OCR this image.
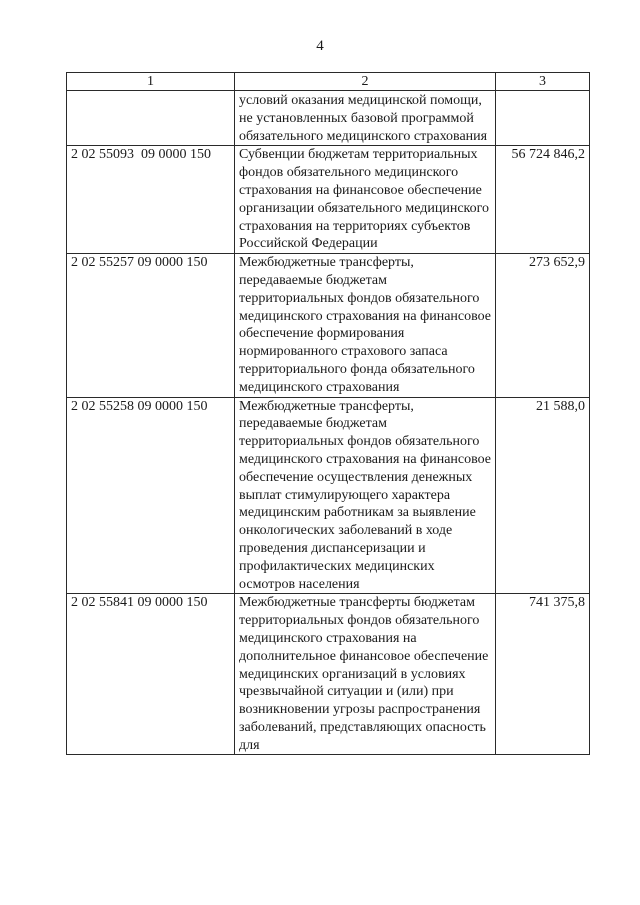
4
1	2	3
	условий оказания медицинской помощи, не установленных базовой программой обязательного медицинского страхования	
2 02 55093  09 0000 150	Субвенции бюджетам территориальных фондов обязательного медицинского страхования на финансовое обеспечение организации обязательного медицинского страхования на территориях субъектов Российской Федерации	56 724 846,2
2 02 55257 09 0000 150	Межбюджетные трансферты, передаваемые бюджетам территориальных фондов обязательного медицинского страхования на финансовое обеспечение формирования нормированного страхового запаса территориального фонда обязательного медицинского страхования	273 652,9
2 02 55258 09 0000 150	Межбюджетные трансферты, передаваемые бюджетам территориальных фондов обязательного медицинского страхования на финансовое обеспечение осуществления денежных выплат стимулирующего характера медицинским работникам за выявление онкологических заболеваний в ходе проведения диспансеризации и профилактических медицинских осмотров населения	21 588,0
2 02 55841 09 0000 150	Межбюджетные трансферты бюджетам территориальных фондов обязательного медицинского страхования на дополнительное финансовое обеспечение медицинских организаций в условиях чрезвычайной ситуации и (или) при возникновении угрозы распространения заболеваний, представляющих опасность для	741 375,8
